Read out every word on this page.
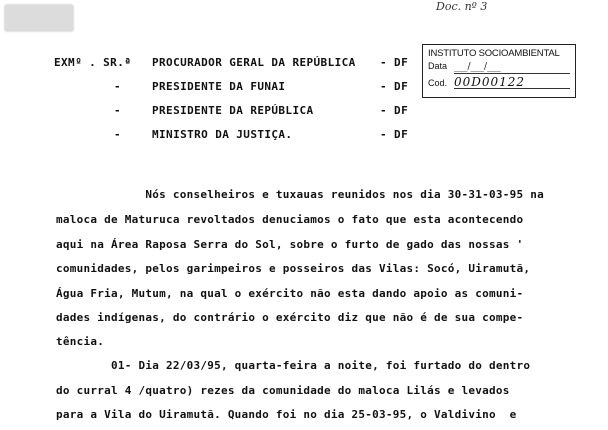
Doc. nº 3
INSTITUTO SOCIOAMBIENTAL
Data ___/___/___
Cod. 00D00122
EXMº . SR.ª PROCURADOR GERAL DA REPÚBLICA - DF
-	PRESIDENTE DA FUNAI	- DF
-	PRESIDENTE DA REPÚBLICA	- DF
-	MINISTRO DA JUSTIÇA.	- DF
Nós conselheiros e tuxauas reunidos nos dia 30-31-03-95 na
maloca de Maturuca revoltados denuciamos o fato que esta acontecendo
aqui na Área Raposa Serra do Sol, sobre o furto de gado das nossas '
comunidades, pelos garimpeiros e posseiros das Vilas: Socó, Uiramutã,
Água Fria, Mutum, na qual o exército não esta dando apoio as comuni-
dades indígenas, do contrário o exército diz que não é de sua compe-
tência.
01- Dia 22/03/95, quarta-feira a noite, foi furtado do dentro
do curral 4 /quatro) rezes da comunidade do maloca Lilás e levados
para a Vila do Uiramutã. Quando foi no dia 25-03-95, o Valdivino  e
